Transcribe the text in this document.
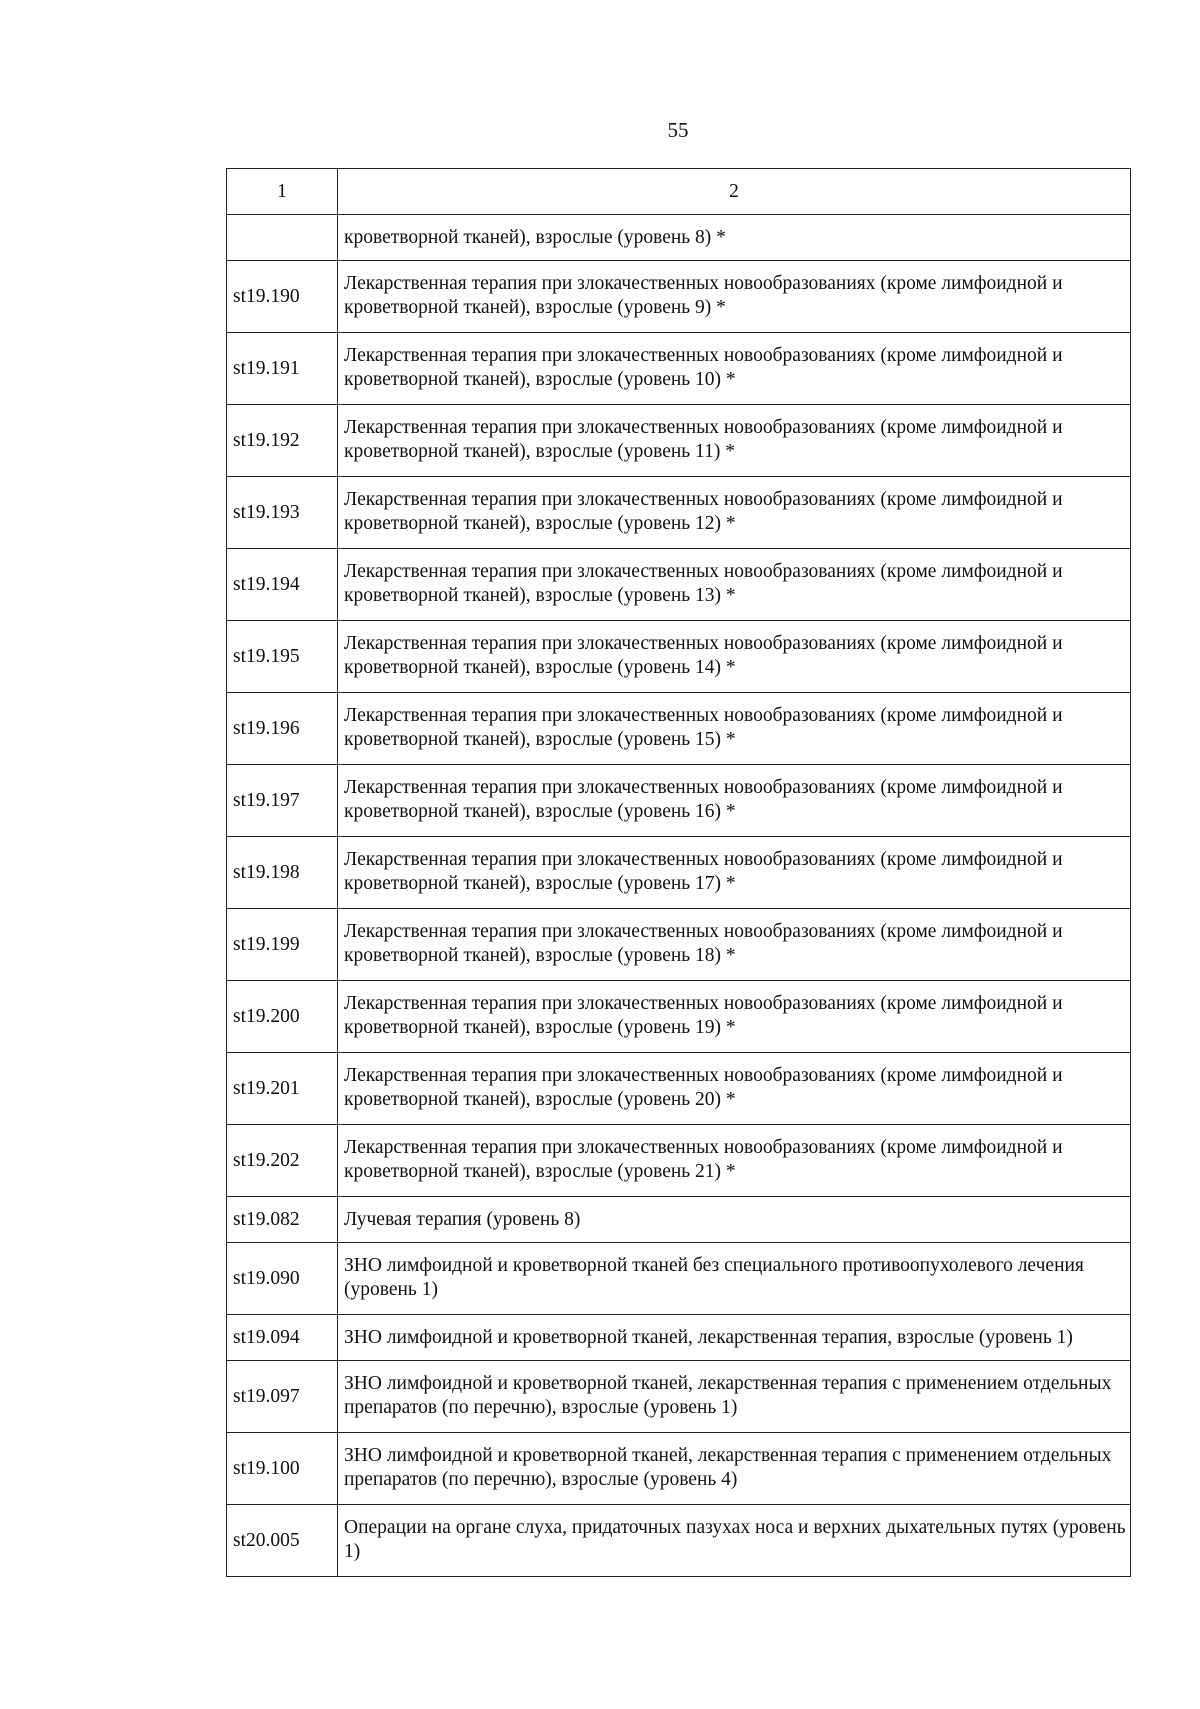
55
1	2
	кроветворной тканей), взрослые (уровень 8) *
st19.190	Лекарственная терапия при злокачественных новообразованиях (кроме лимфоидной и кроветворной тканей), взрослые (уровень 9) *
st19.191	Лекарственная терапия при злокачественных новообразованиях (кроме лимфоидной и кроветворной тканей), взрослые (уровень 10) *
st19.192	Лекарственная терапия при злокачественных новообразованиях (кроме лимфоидной и кроветворной тканей), взрослые (уровень 11) *
st19.193	Лекарственная терапия при злокачественных новообразованиях (кроме лимфоидной и кроветворной тканей), взрослые (уровень 12) *
st19.194	Лекарственная терапия при злокачественных новообразованиях (кроме лимфоидной и кроветворной тканей), взрослые (уровень 13) *
st19.195	Лекарственная терапия при злокачественных новообразованиях (кроме лимфоидной и кроветворной тканей), взрослые (уровень 14) *
st19.196	Лекарственная терапия при злокачественных новообразованиях (кроме лимфоидной и кроветворной тканей), взрослые (уровень 15) *
st19.197	Лекарственная терапия при злокачественных новообразованиях (кроме лимфоидной и кроветворной тканей), взрослые (уровень 16) *
st19.198	Лекарственная терапия при злокачественных новообразованиях (кроме лимфоидной и кроветворной тканей), взрослые (уровень 17) *
st19.199	Лекарственная терапия при злокачественных новообразованиях (кроме лимфоидной и кроветворной тканей), взрослые (уровень 18) *
st19.200	Лекарственная терапия при злокачественных новообразованиях (кроме лимфоидной и кроветворной тканей), взрослые (уровень 19) *
st19.201	Лекарственная терапия при злокачественных новообразованиях (кроме лимфоидной и кроветворной тканей), взрослые (уровень 20) *
st19.202	Лекарственная терапия при злокачественных новообразованиях (кроме лимфоидной и кроветворной тканей), взрослые (уровень 21) *
st19.082	Лучевая терапия (уровень 8)
st19.090	ЗНО лимфоидной и кроветворной тканей без специального противоопухолевого лечения (уровень 1)
st19.094	ЗНО лимфоидной и кроветворной тканей, лекарственная терапия, взрослые (уровень 1)
st19.097	ЗНО лимфоидной и кроветворной тканей, лекарственная терапия с применением отдельных препаратов (по перечню), взрослые (уровень 1)
st19.100	ЗНО лимфоидной и кроветворной тканей, лекарственная терапия с применением отдельных препаратов (по перечню), взрослые (уровень 4)
st20.005	Операции на органе слуха, придаточных пазухах носа и верхних дыхательных путях (уровень 1)
